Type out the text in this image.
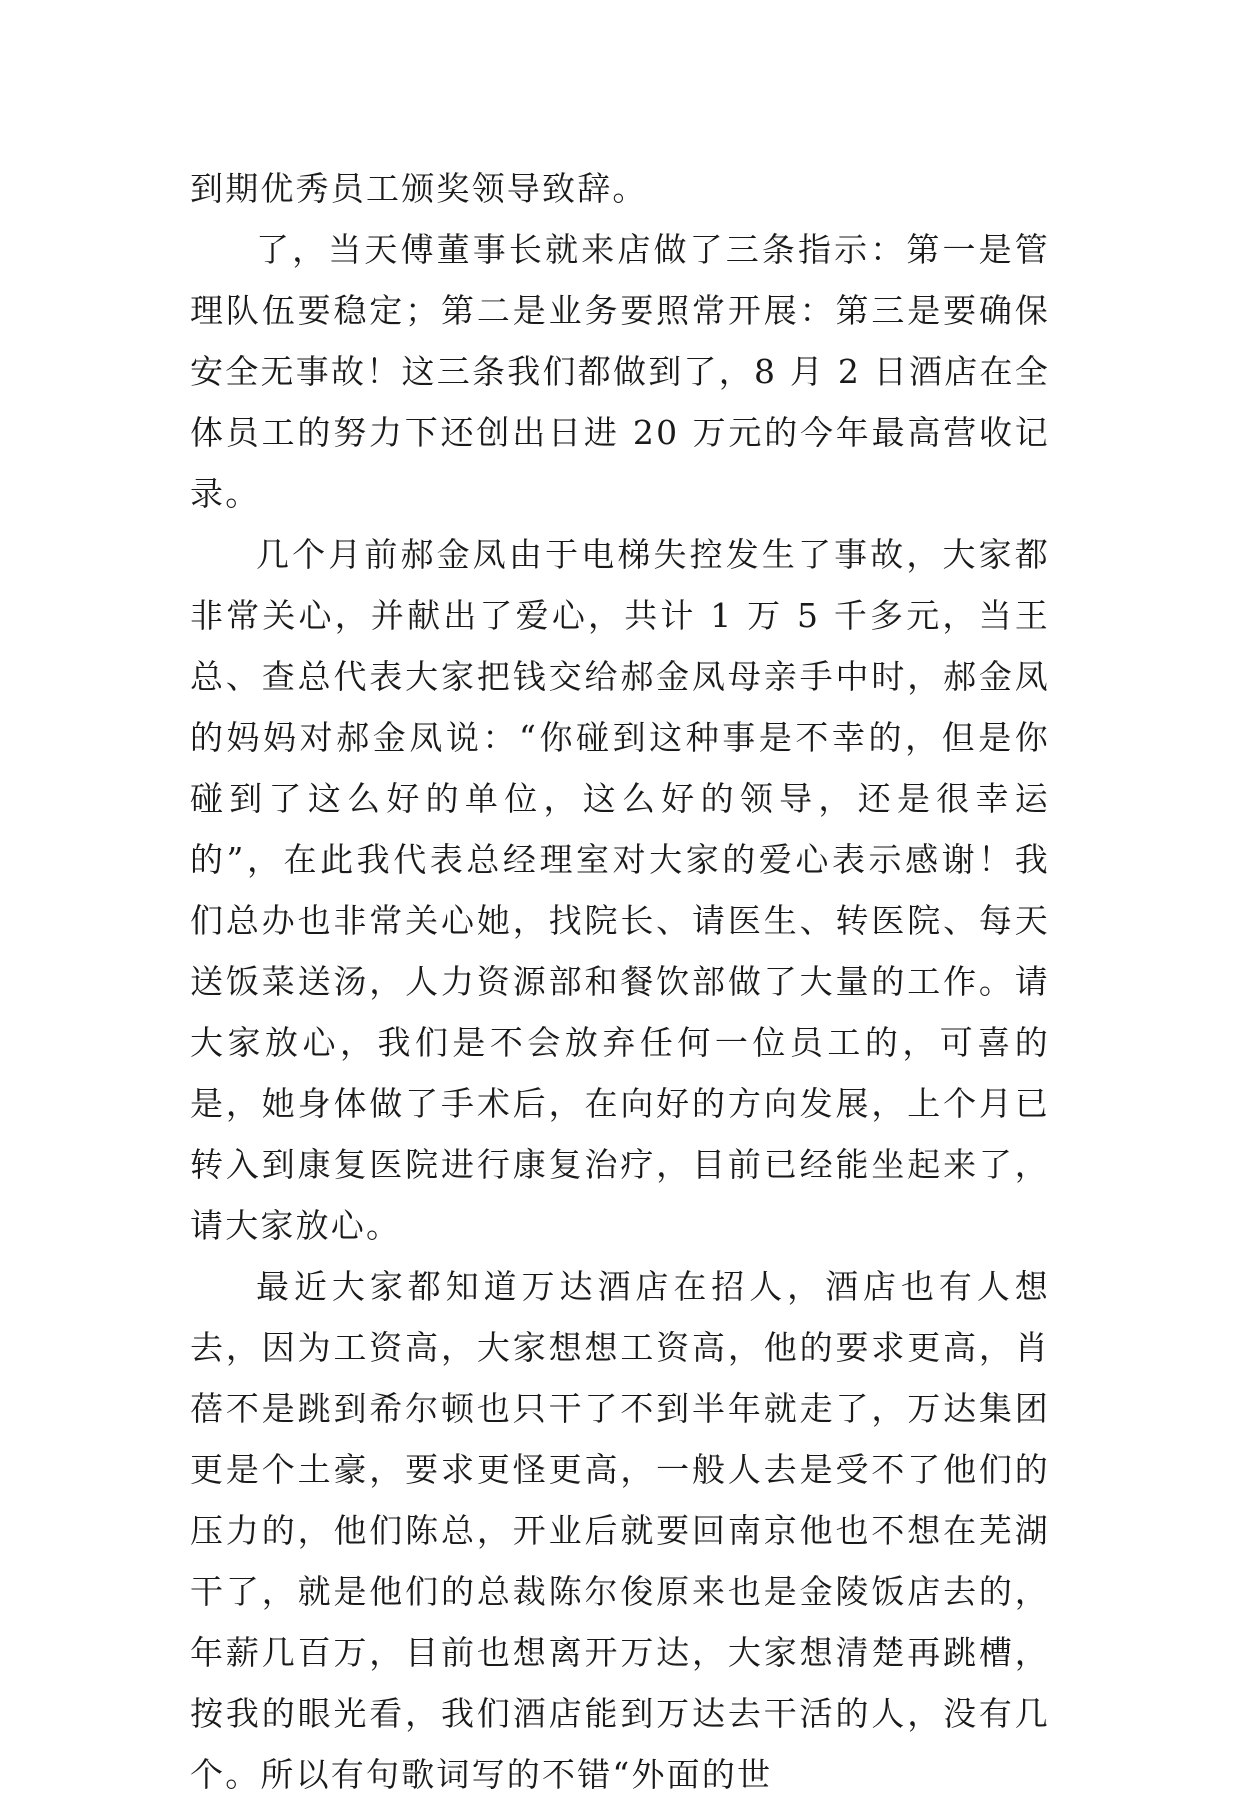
到期优秀员工颁奖领导致辞。

了，当天傅董事长就来店做了三条指示：第一是管理队伍要稳定；第二是业务要照常开展：第三是要确保安全无事故！这三条我们都做到了，8 月 2 日酒店在全体员工的努力下还创出日进 20 万元的今年最高营收记录。

几个月前郝金凤由于电梯失控发生了事故，大家都非常关心，并献出了爱心，共计 1 万 5 千多元，当王总、查总代表大家把钱交给郝金凤母亲手中时，郝金凤的妈妈对郝金凤说：“你碰到这种事是不幸的，但是你碰到了这么好的单位，这么好的领导，还是很幸运的”，在此我代表总经理室对大家的爱心表示感谢！我们总办也非常关心她，找院长、请医生、转医院、每天送饭菜送汤，人力资源部和餐饮部做了大量的工作。请大家放心，我们是不会放弃任何一位员工的，可喜的是，她身体做了手术后，在向好的方向发展，上个月已转入到康复医院进行康复治疗，目前已经能坐起来了，请大家放心。

最近大家都知道万达酒店在招人，酒店也有人想去，因为工资高，大家想想工资高，他的要求更高，肖蓓不是跳到希尔顿也只干了不到半年就走了，万达集团更是个土豪，要求更怪更高，一般人去是受不了他们的压力的，他们陈总，开业后就要回南京他也不想在芜湖干了，就是他们的总裁陈尔俊原来也是金陵饭店去的，年薪几百万，目前也想离开万达，大家想清楚再跳槽，按我的眼光看，我们酒店能到万达去干活的人，没有几个。所以有句歌词写的不错“外面的世
